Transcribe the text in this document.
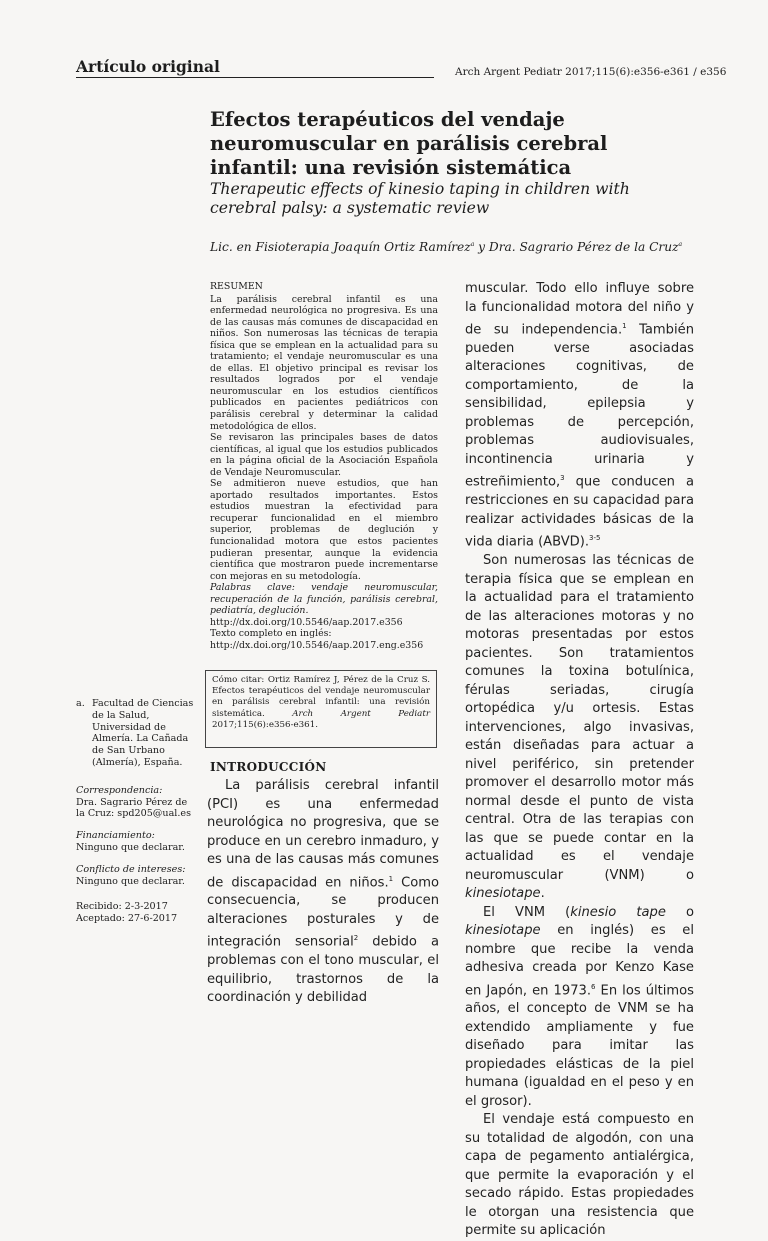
Artículo original	Arch Argent Pediatr 2017;115(6):e356-e361 / e356
Efectos terapéuticos del vendaje neuromuscular en parálisis cerebral infantil: una revisión sistemática
Therapeutic effects of kinesio taping in children with cerebral palsy: a systematic review
Lic. en Fisioterapia Joaquín Ortiz Ramírez$^a$ y Dra. Sagrario Pérez de la Cruz$^a$

RESUMEN

La parálisis cerebral infantil es una enfermedad neurológica no progresiva. Es una de las causas más comunes de discapacidad en niños. Son numerosas las técnicas de terapia física que se emplean en la actualidad para su tratamiento; el vendaje neuromuscular es una de ellas. El objetivo principal es revisar los resultados logrados por el vendaje neuromuscular en los estudios científicos publicados en pacientes pediátricos con parálisis cerebral y determinar la calidad metodológica de ellos.

Se revisaron las principales bases de datos científicas, al igual que los estudios publicados en la página oficial de la Asociación Española de Vendaje Neuromuscular.

Se admitieron nueve estudios, que han aportado resultados importantes. Estos estudios muestran la efectividad para recuperar funcionalidad en el miembro superior, problemas de deglución y funcionalidad motora que estos pacientes pudieran presentar, aunque la evidencia científica que mostraron puede incrementarse con mejoras en su metodología.

Palabras clave: vendaje neuromuscular, recuperación de la función, parálisis cerebral, pediatría, deglución.

http://dx.doi.org/10.5546/aap.2017.e356

Texto completo en inglés:

http://dx.doi.org/10.5546/aap.2017.eng.e356

Cómo citar: Ortiz Ramírez J, Pérez de la Cruz S. Efectos terapéuticos del vendaje neuromuscular en parálisis cerebral infantil: una revisión sistemática.	Arch Argent Pediatr 2017;115(6):e356-e361.
a. Facultad de Ciencias de la Salud, Universidad de Almería. La Cañada de San Urbano (Almería), España.
Correspondencia:
Dra. Sagrario Pérez de la Cruz: spd205@ual.es
Financiamiento:
Ninguno que declarar.
Conflicto de intereses:
Ninguno que declarar.
Recibido: 2-3-2017
Aceptado: 27-6-2017
INTRODUCCIÓN

La parálisis cerebral infantil (PCI) es una enfermedad neurológica no progresiva, que se produce en un cerebro inmaduro, y es una de las causas más comunes de discapacidad en niños.$^1$ Como consecuencia, se producen alteraciones posturales y de integración sensorial$^2$ debido a problemas con el tono muscular, el equilibrio, trastornos de la coordinación y debilidad

muscular. Todo ello influye sobre la funcionalidad motora del niño y de su independencia.$^1$ También pueden verse asociadas alteraciones cognitivas, de comportamiento, de la sensibilidad, epilepsia y problemas de percepción, problemas audiovisuales, incontinencia urinaria y estreñimiento,$^3$ que conducen a restricciones en su capacidad para realizar actividades básicas de la vida diaria (ABVD).$^{3-5}$

Son numerosas las técnicas de terapia física que se emplean en la actualidad para el tratamiento de las alteraciones motoras y no motoras presentadas por estos pacientes. Son tratamientos comunes la toxina botulínica, férulas seriadas, cirugía ortopédica y/u ortesis. Estas intervenciones, algo invasivas, están diseñadas para actuar a nivel periférico, sin pretender promover el desarrollo motor más normal desde el punto de vista central. Otra de las terapias con las que se puede contar en la actualidad es el vendaje neuromuscular (VNM) o kinesiotape.

El VNM (kinesio tape o kinesiotape en inglés) es el nombre que recibe la venda adhesiva creada por Kenzo Kase en Japón, en 1973.$^6$ En los últimos años, el concepto de VNM se ha extendido ampliamente y fue diseñado para imitar las propiedades elásticas de la piel humana (igualdad en el peso y en el grosor).

El vendaje está compuesto en su totalidad de algodón, con una capa de pegamento antialérgica, que permite la evaporación y el secado rápido. Estas propiedades le otorgan una resistencia que permite su aplicación
